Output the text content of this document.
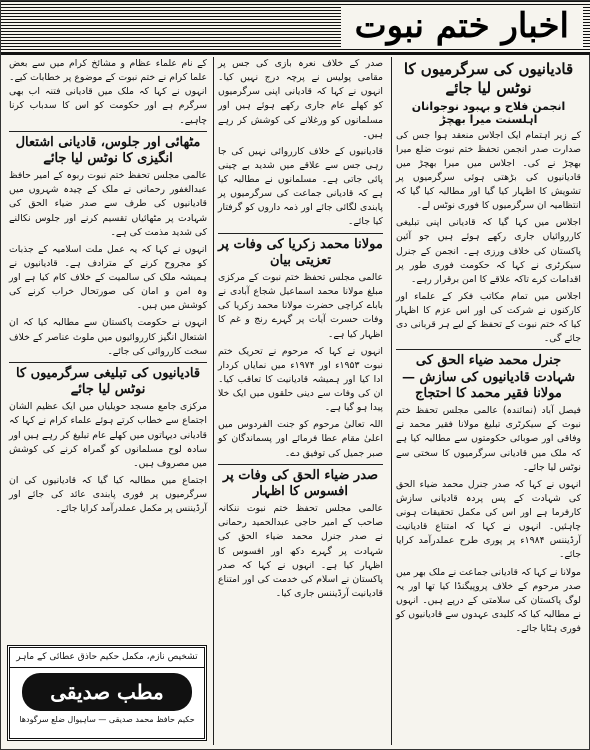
اخبار ختم نبوت
قادیانیوں کی سرگرمیوں کا نوٹس لیا جائے
انجمن فلاح و بہبود نوجوانان اہلسنت میرا بھچڑ

کے زیر اہتمام ایک اجلاس منعقد ہوا جس کی صدارت صدر انجمن تحفظ ختم نبوت ضلع میرا بھچڑ نے کی۔ اجلاس میں میرا بھچڑ میں قادیانیوں کی بڑھتی ہوئی سرگرمیوں پر تشویش کا اظہار کیا گیا اور مطالبہ کیا گیا کہ انتظامیہ ان سرگرمیوں کا فوری نوٹس لے۔

اجلاس میں کہا گیا کہ قادیانی اپنی تبلیغی کارروائیاں جاری رکھے ہوئے ہیں جو آئین پاکستان کی خلاف ورزی ہے۔ انجمن کے جنرل سیکرٹری نے کہا کہ حکومت فوری طور پر اقدامات کرے تاکہ علاقے کا امن برقرار رہے۔

اجلاس میں تمام مکاتب فکر کے علماء اور کارکنوں نے شرکت کی اور اس عزم کا اظہار کیا کہ ختم نبوت کے تحفظ کے لیے ہر قربانی دی جائے گی۔

جنرل محمد ضیاء الحق کی شہادت قادیانیوں کی سازش — مولانا فقیر محمد کا احتجاج

فیصل آباد (نمائندہ) عالمی مجلس تحفظ ختم نبوت کے سیکرٹری تبلیغ مولانا فقیر محمد نے وفاقی اور صوبائی حکومتوں سے مطالبہ کیا ہے کہ ملک میں قادیانی سرگرمیوں کا سختی سے نوٹس لیا جائے۔

انہوں نے کہا کہ صدر جنرل محمد ضیاء الحق کی شہادت کے پس پردہ قادیانی سازش کارفرما ہے اور اس کی مکمل تحقیقات ہونی چاہئیں۔ انہوں نے کہا کہ امتناع قادیانیت آرڈیننس ۱۹۸۴ء پر پوری طرح عملدرآمد کرایا جائے۔

مولانا نے کہا کہ قادیانی جماعت نے ملک بھر میں صدر مرحوم کے خلاف پروپیگنڈا کیا تھا اور یہ لوگ پاکستان کی سلامتی کے درپے ہیں۔ انہوں نے مطالبہ کیا کہ کلیدی عہدوں سے قادیانیوں کو فوری ہٹایا جائے۔

صدر کے خلاف نعرہ بازی کی جس پر مقامی پولیس نے پرچہ درج نہیں کیا۔ انہوں نے کہا کہ قادیانی اپنی سرگرمیوں کو کھلے عام جاری رکھے ہوئے ہیں اور مسلمانوں کو ورغلانے کی کوشش کر رہے ہیں۔

قادیانیوں کے خلاف کارروائی نہیں کی جا رہی جس سے علاقے میں شدید بے چینی پائی جاتی ہے۔ مسلمانوں نے مطالبہ کیا ہے کہ قادیانی جماعت کی سرگرمیوں پر پابندی لگائی جائے اور ذمہ داروں کو گرفتار کیا جائے۔

مولانا محمد زکریا کی وفات پر تعزیتی بیان

عالمی مجلس تحفظ ختم نبوت کے مرکزی مبلغ مولانا محمد اسماعیل شجاع آبادی نے باباے کراچی حضرت مولانا محمد زکریا کی وفات حسرت آیات پر گہرے رنج و غم کا اظہار کیا ہے۔

انہوں نے کہا کہ مرحوم نے تحریک ختم نبوت ۱۹۵۳ء اور ۱۹۷۴ء میں نمایاں کردار ادا کیا اور ہمیشہ قادیانیت کا تعاقب کیا۔ ان کی وفات سے دینی حلقوں میں ایک خلا پیدا ہو گیا ہے۔

اللہ تعالیٰ مرحوم کو جنت الفردوس میں اعلیٰ مقام عطا فرمائے اور پسماندگان کو صبر جمیل کی توفیق دے۔

صدر ضیاء الحق کی وفات پر افسوس کا اظہار

عالمی مجلس تحفظ ختم نبوت ننکانہ صاحب کے امیر حاجی عبدالحمید رحمانی نے صدر جنرل محمد ضیاء الحق کی شہادت پر گہرے دکھ اور افسوس کا اظہار کیا ہے۔ انہوں نے کہا کہ صدر پاکستان نے اسلام کی خدمت کی اور امتناع قادیانیت آرڈیننس جاری کیا۔

کے نام علماء عظام و مشائخ کرام میں سے بعض علما کرام نے ختم نبوت کے موضوع پر خطابات کیے۔ انہوں نے کہا کہ ملک میں قادیانی فتنہ اب بھی سرگرم ہے اور حکومت کو اس کا سدباب کرنا چاہیے۔

مٹھائی اور جلوس، قادیانی اشتعال انگیزی کا نوٹس لیا جائے

عالمی مجلس تحفظ ختم نبوت ربوہ کے امیر حافظ عبدالغفور رحمانی نے ملک کے چیدہ شہروں میں قادیانیوں کی طرف سے صدر ضیاء الحق کی شہادت پر مٹھائیاں تقسیم کرنے اور جلوس نکالنے کی شدید مذمت کی ہے۔

انہوں نے کہا کہ یہ عمل ملت اسلامیہ کے جذبات کو مجروح کرنے کے مترادف ہے۔ قادیانیوں نے ہمیشہ ملک کی سالمیت کے خلاف کام کیا ہے اور وہ امن و امان کی صورتحال خراب کرنے کی کوشش میں ہیں۔

انہوں نے حکومت پاکستان سے مطالبہ کیا کہ ان اشتعال انگیز کارروائیوں میں ملوث عناصر کے خلاف سخت کارروائی کی جائے۔

قادیانیوں کی تبلیغی سرگرمیوں کا نوٹس لیا جائے

مرکزی جامع مسجد حویلیاں میں ایک عظیم الشان اجتماع سے خطاب کرتے ہوئے علماء کرام نے کہا کہ قادیانی دیہاتوں میں کھلے عام تبلیغ کر رہے ہیں اور سادہ لوح مسلمانوں کو گمراہ کرنے کی کوشش میں مصروف ہیں۔

اجتماع میں مطالبہ کیا گیا کہ قادیانیوں کی ان سرگرمیوں پر فوری پابندی عائد کی جائے اور آرڈیننس پر مکمل عملدرآمد کرایا جائے۔

تشخیص نازم، مکمل حکیم حاذق عطائی کے ماہر
مطب صدیقی
حکیم حافظ محمد صدیقی — ساہیوال ضلع سرگودھا
